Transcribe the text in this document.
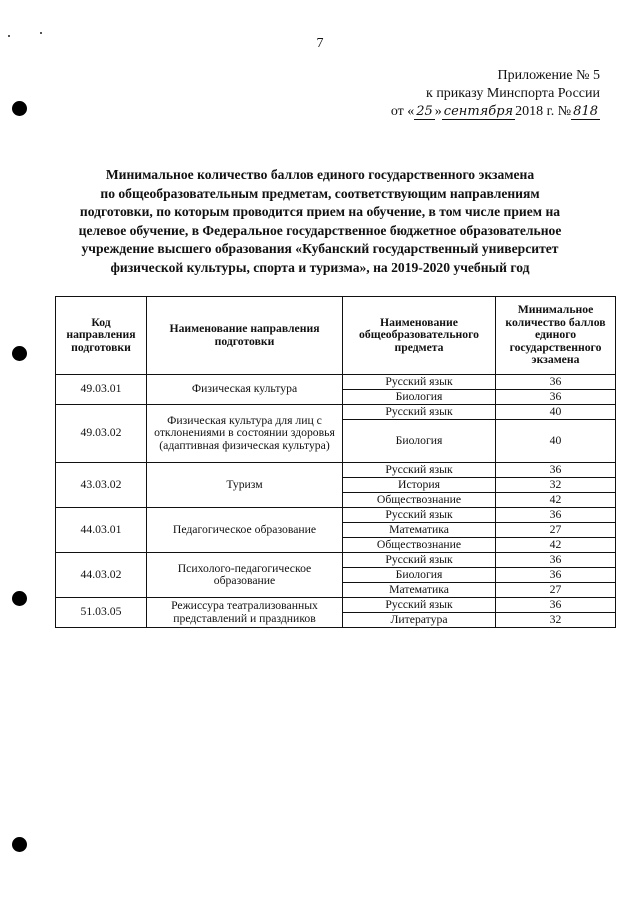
7
Приложение № 5
к приказу Минспорта России
от « 25 » сентября 2018 г. № 818
Минимальное количество баллов единого государственного экзамена
по общеобразовательным предметам, соответствующим направлениям
подготовки, по которым проводится прием на обучение, в том числе прием на
целевое обучение, в Федеральное государственное бюджетное образовательное
учреждение высшего образования «Кубанский государственный университет
физической культуры, спорта и туризма», на 2019-2020 учебный год
Код направления подготовки	Наименование направления подготовки	Наименование общеобразовательного предмета	Минимальное количество баллов единого государственного экзамена
49.03.01	Физическая культура	Русский язык	36
		Биология	36
49.03.02	Физическая культура для лиц с отклонениями в состоянии здоровья (адаптивная физическая культура)	Русский язык	40
		Биология	40
43.03.02	Туризм	Русский язык	36
		История	32
		Обществознание	42
44.03.01	Педагогическое образование	Русский язык	36
		Математика	27
		Обществознание	42
44.03.02	Психолого-педагогическое образование	Русский язык	36
		Биология	36
		Математика	27
51.03.05	Режиссура театрализованных представлений и праздников	Русский язык	36
		Литература	32
